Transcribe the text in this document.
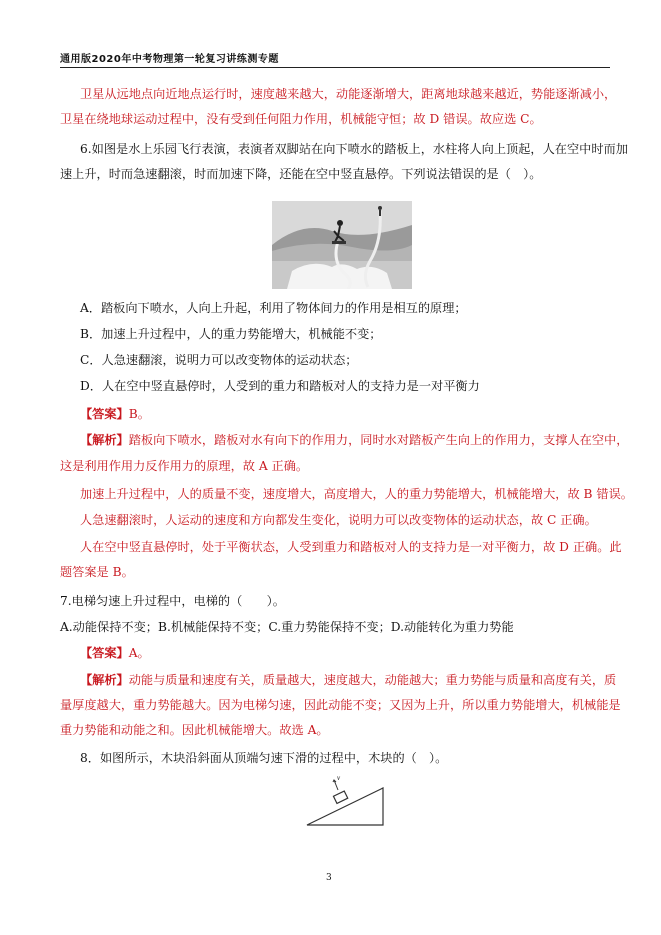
通用版2020年中考物理第一轮复习讲练测专题
卫星从远地点向近地点运行时，速度越来越大，动能逐渐增大，距离地球越来越近，势能逐渐减小，
卫星在绕地球运动过程中，没有受到任何阻力作用，机械能守恒；故 D 错误。故应选 C。
6.如图是水上乐园飞行表演，表演者双脚站在向下喷水的踏板上，水柱将人向上顶起，人在空中时而加
速上升，时而急速翻滚，时而加速下降，还能在空中竖直悬停。下列说法错误的是（　）。
A．踏板向下喷水，人向上升起，利用了物体间力的作用是相互的原理；
B．加速上升过程中，人的重力势能增大，机械能不变；
C．人急速翻滚，说明力可以改变物体的运动状态；
D．人在空中竖直悬停时，人受到的重力和踏板对人的支持力是一对平衡力
【答案】B。
【解析】踏板向下喷水，踏板对水有向下的作用力，同时水对踏板产生向上的作用力，支撑人在空中，
这是利用作用力反作用力的原理，故 A 正确。
加速上升过程中，人的质量不变，速度增大，高度增大，人的重力势能增大，机械能增大，故 B 错误。
人急速翻滚时，人运动的速度和方向都发生变化，说明力可以改变物体的运动状态，故 C 正确。
人在空中竖直悬停时，处于平衡状态，人受到重力和踏板对人的支持力是一对平衡力，故 D 正确。此
题答案是 B。
7.电梯匀速上升过程中，电梯的（　　）。
A.动能保持不变；B.机械能保持不变；C.重力势能保持不变；D.动能转化为重力势能
【答案】A。
【解析】动能与质量和速度有关，质量越大，速度越大，动能越大；重力势能与质量和高度有关，质
量厚度越大，重力势能越大。因为电梯匀速，因此动能不变；又因为上升，所以重力势能增大，机械能是
重力势能和动能之和。因此机械能增大。故选 A。
8．如图所示，木块沿斜面从顶端匀速下滑的过程中，木块的（　）。
v
3
